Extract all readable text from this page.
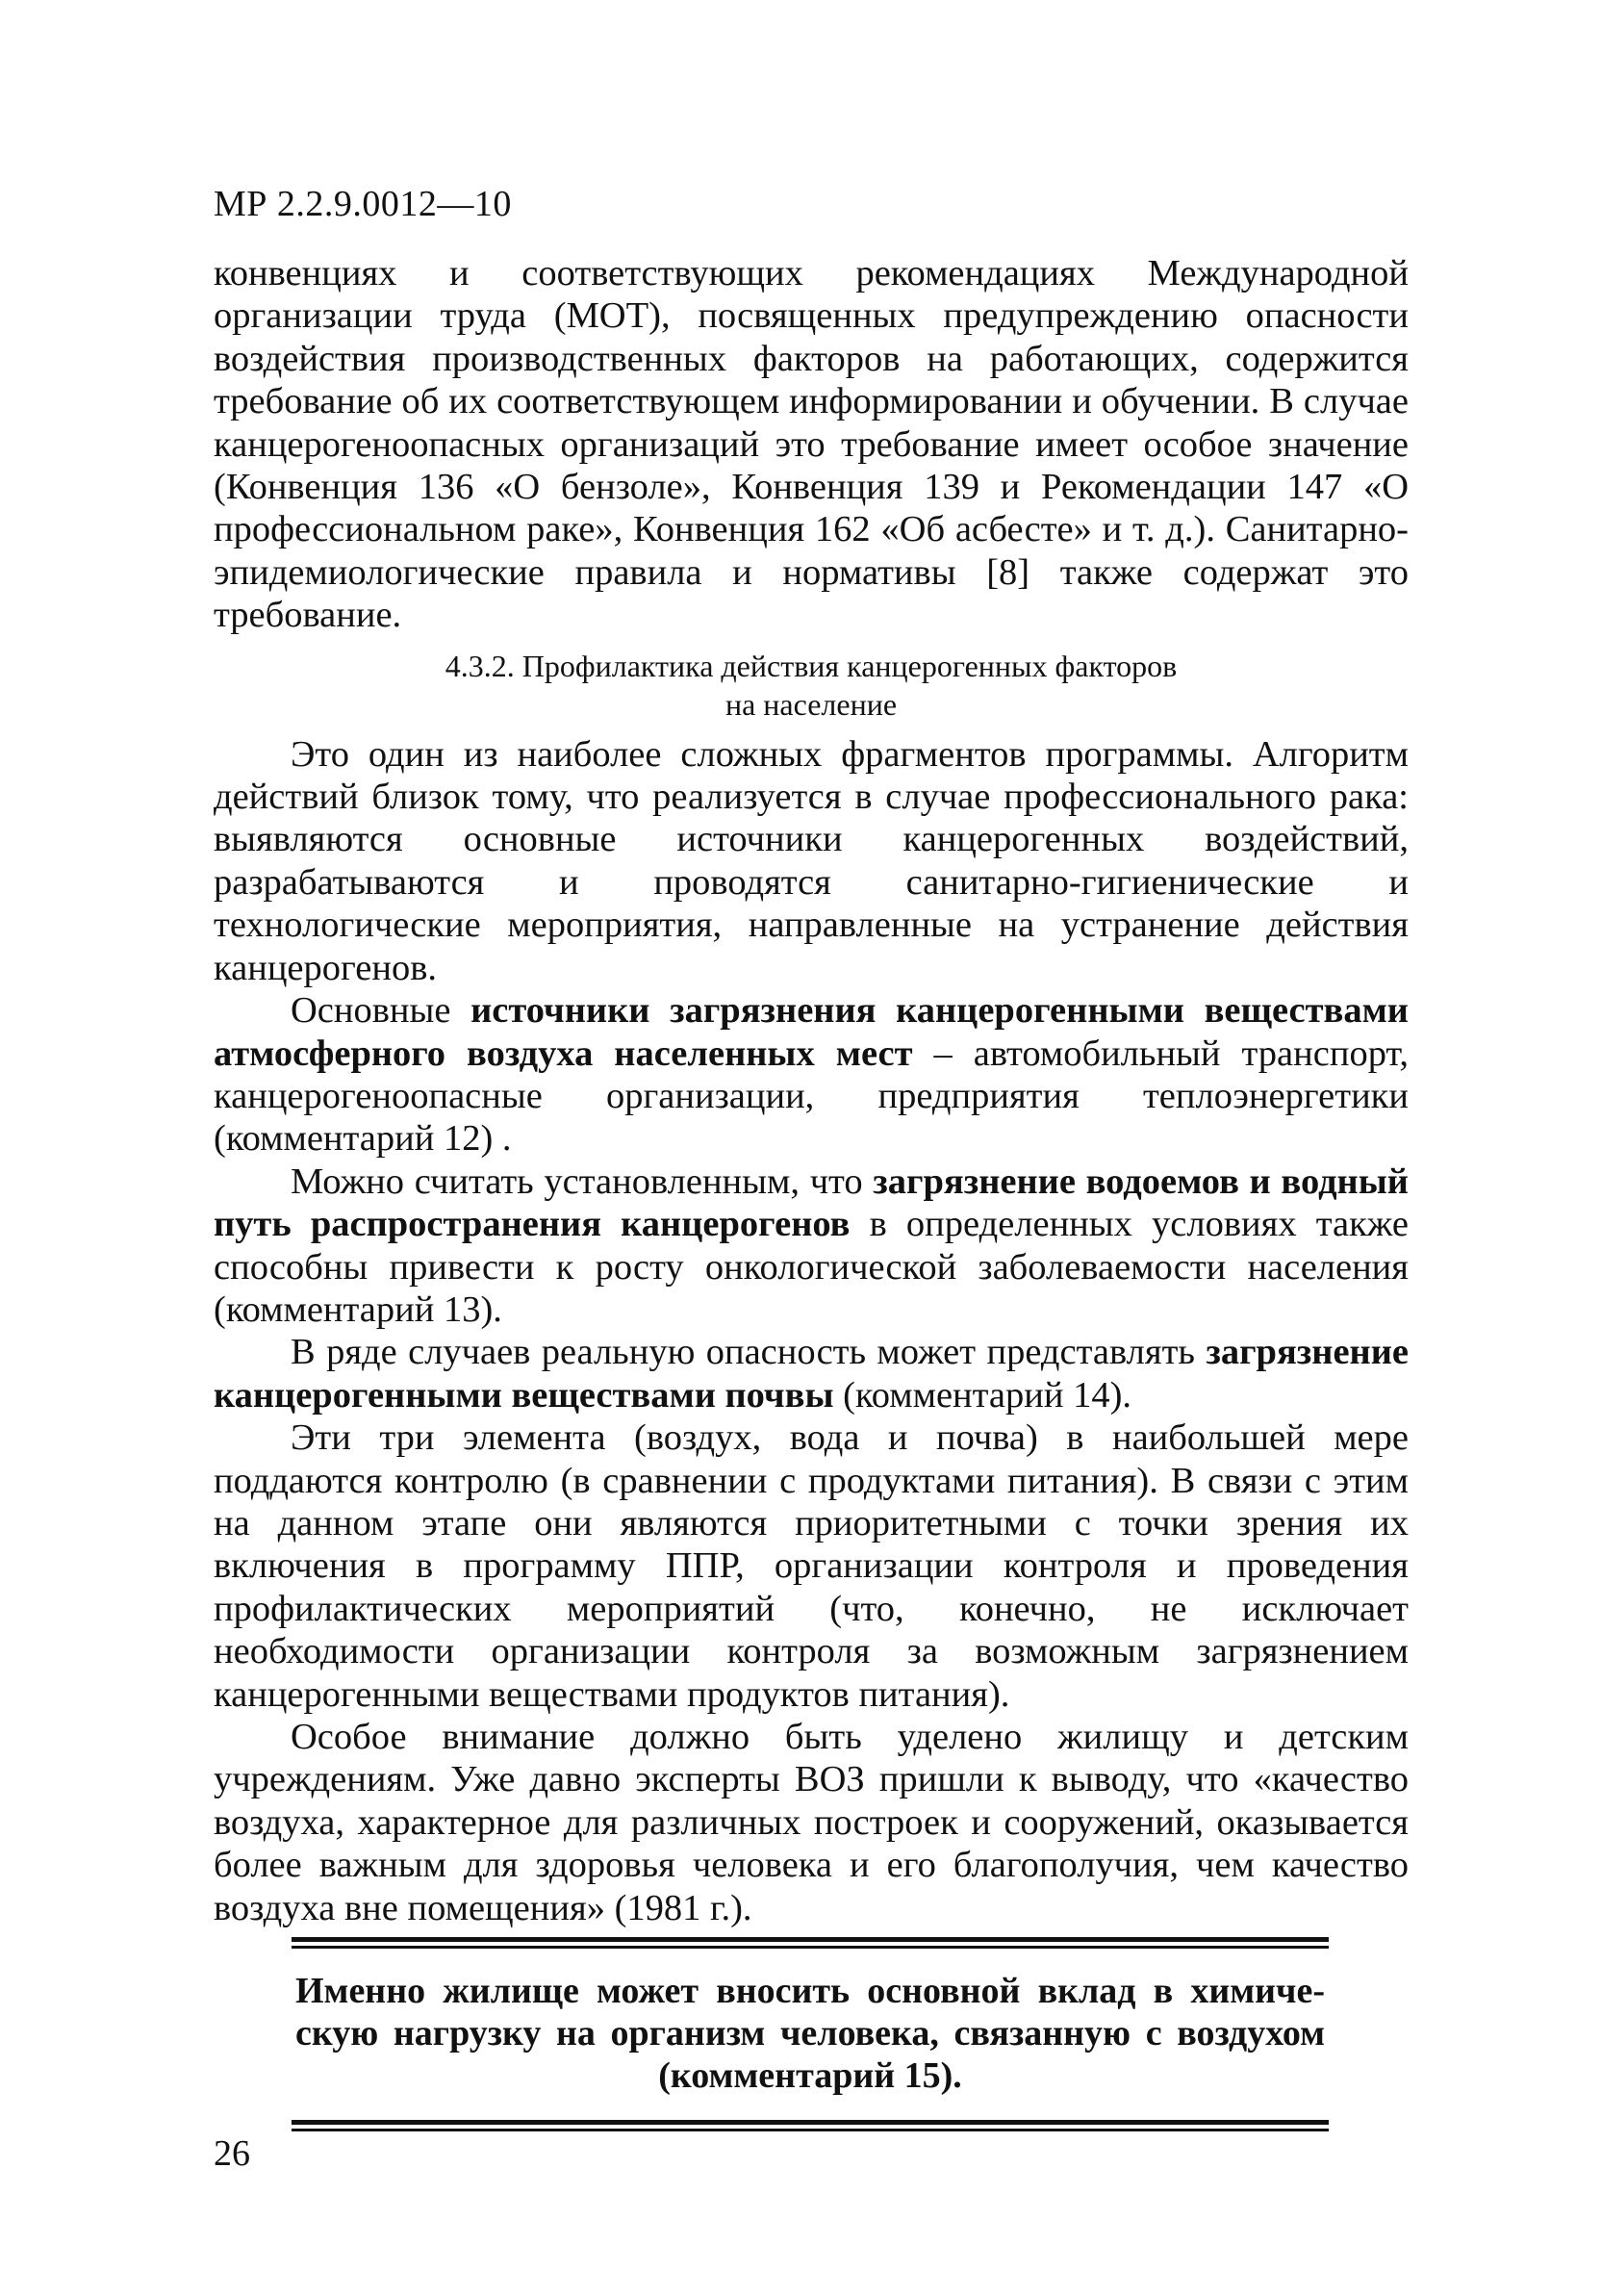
МР 2.2.9.0012—10

конвенциях и соответствующих рекомендациях Международной организации труда (МОТ), посвященных предупреждению опасности воздействия производственных факторов на работающих, содержится требование об их соответствующем информировании и обучении. В случае канцерогеноопасных организаций это требование имеет особое значение (Конвенция 136 «О бензоле», Конвенция 139 и Рекомендации 147 «О профессиональном раке», Конвенция 162 «Об асбесте» и т. д.). Санитарно-эпидемиологические правила и нормативы [8] также содержат это требование.

4.3.2. Профилактика действия канцерогенных факторов
на население

Это один из наиболее сложных фрагментов программы. Алгоритм действий близок тому, что реализуется в случае профессионального рака: выявляются основные источники канцерогенных воздействий, разрабатываются и проводятся санитарно-гигиенические и технологические мероприятия, направленные на устранение действия канцерогенов.

Основные источники загрязнения канцерогенными веществами атмосферного воздуха населенных мест – автомобильный транспорт, канцерогеноопасные организации, предприятия теплоэнергетики (комментарий 12) .

Можно считать установленным, что загрязнение водоемов и водный путь распространения канцерогенов в определенных условиях также способны привести к росту онкологической заболеваемости населения (комментарий 13).

В ряде случаев реальную опасность может представлять загрязнение канцерогенными веществами почвы (комментарий 14).

Эти три элемента (воздух, вода и почва) в наибольшей мере поддаются контролю (в сравнении с продуктами питания). В связи с этим на данном этапе они являются приоритетными с точки зрения их включения в программу ППР, организации контроля и проведения профилактических мероприятий (что, конечно, не исключает необходимости организации контроля за возможным загрязнением канцерогенными веществами продуктов питания).

Особое внимание должно быть уделено жилищу и детским учреждениям. Уже давно эксперты ВОЗ пришли к выводу, что «качество воздуха, характерное для различных построек и сооружений, оказывается более важным для здоровья человека и его благополучия, чем качество воздуха вне помещения» (1981 г.).

Именно жилище может вносить основной вклад в химическую нагрузку на организм человека, связанную с воздухом (комментарий 15).

26
